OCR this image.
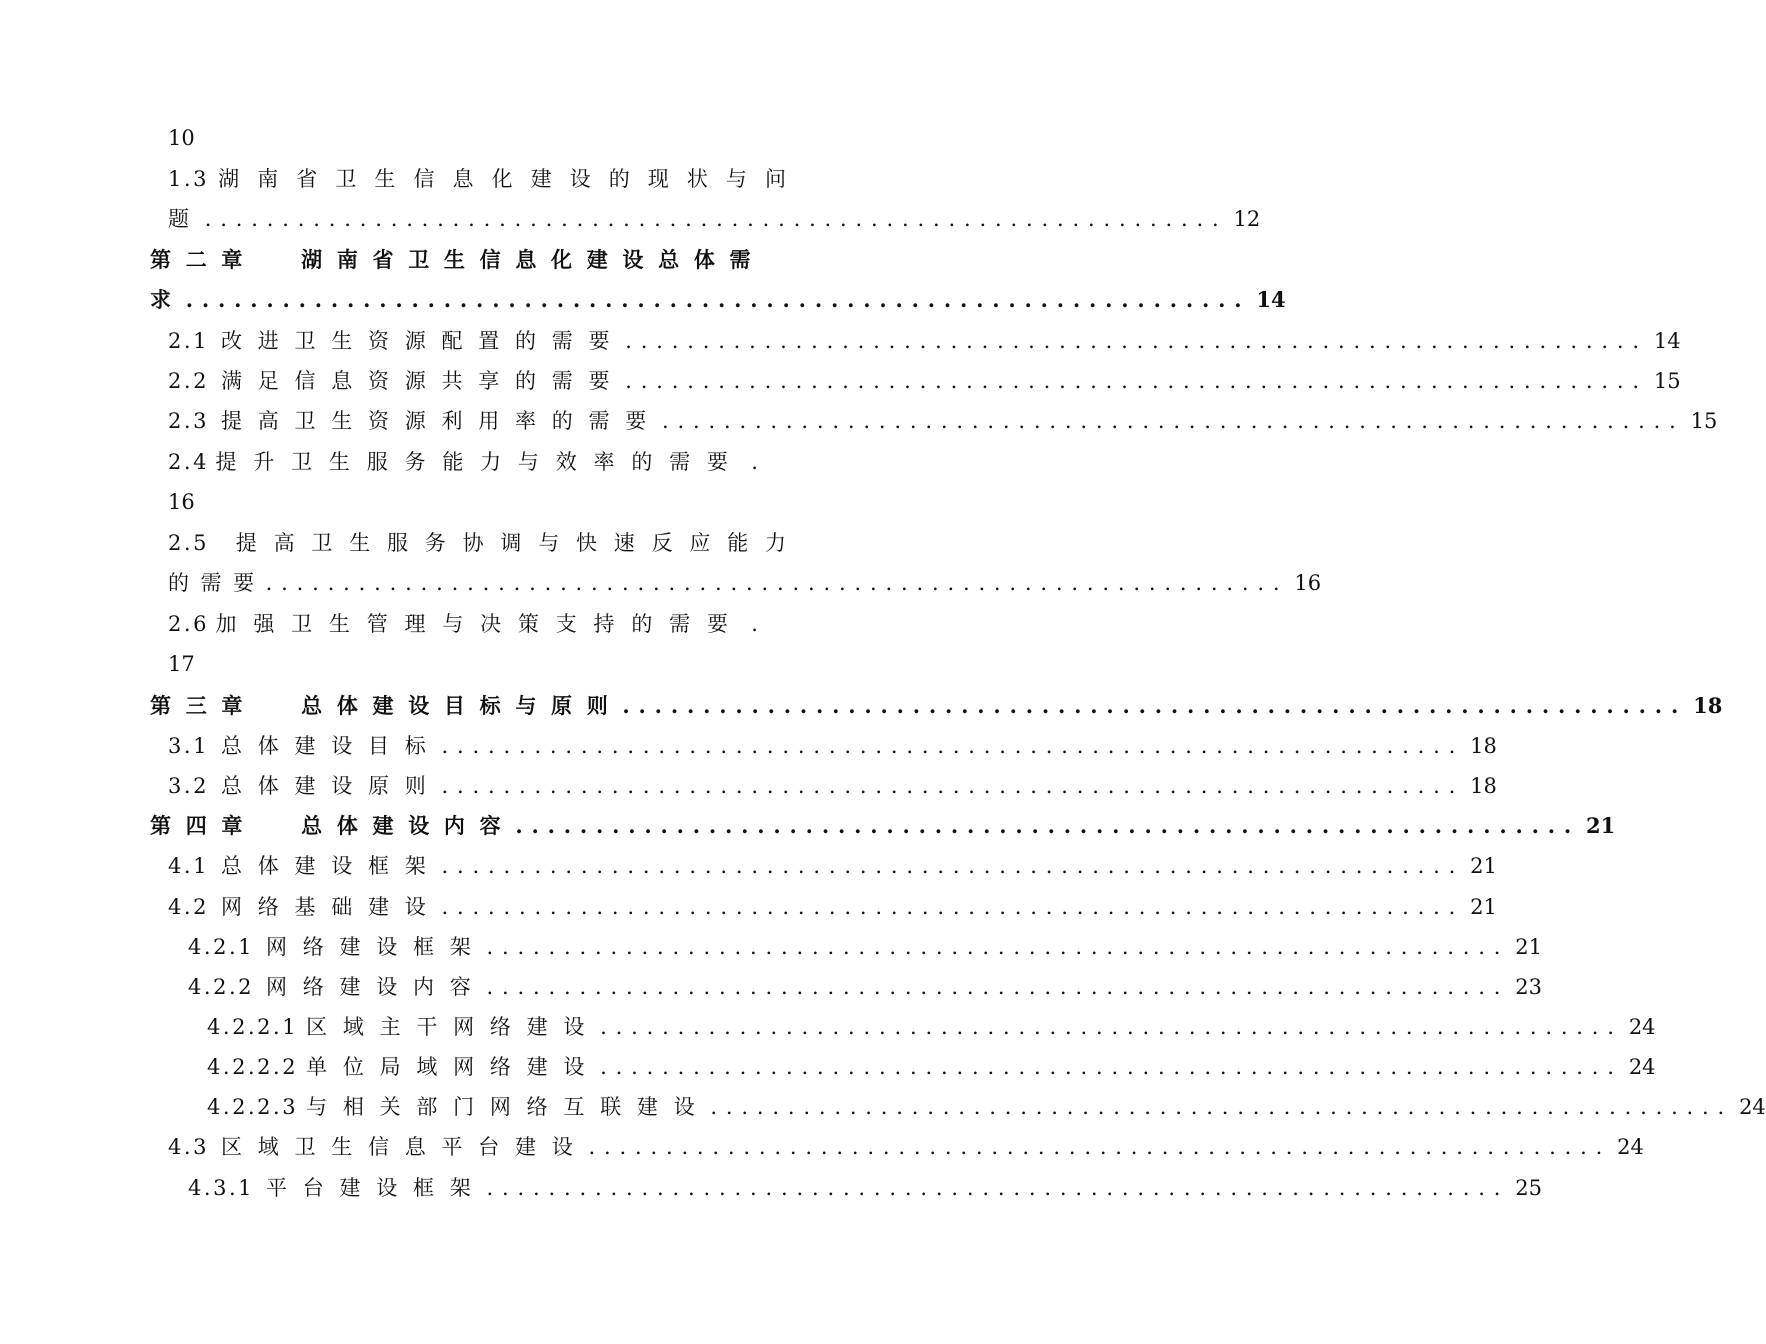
10
1.3 湖南省卫生信息化建设的现状与问
题 .................................................................. 12
第二章  湖南省卫生信息化建设总体需
求 .................................................................. 14
2.1 改进卫生资源配置的需要 .................................................................. 14
2.2 满足信息资源共享的需要 .................................................................. 15
2.3 提高卫生资源利用率的需要 .................................................................. 15
2.4 提升卫生服务能力与效率的需要 .
16
2.5 提高卫生服务协调与快速反应能力
的需要 .................................................................. 16
2.6 加强卫生管理与决策支持的需要 .
17
第三章  总体建设目标与原则 .................................................................. 18
3.1 总体建设目标 .................................................................. 18
3.2 总体建设原则 .................................................................. 18
第四章  总体建设内容 .................................................................. 21
4.1 总体建设框架 .................................................................. 21
4.2 网络基础建设 .................................................................. 21
4.2.1 网络建设框架 .................................................................. 21
4.2.2 网络建设内容 .................................................................. 23
4.2.2.1 区域主干网络建设 .................................................................. 24
4.2.2.2 单位局域网络建设 .................................................................. 24
4.2.2.3 与相关部门网络互联建设 .................................................................. 24
4.3 区域卫生信息平台建设 .................................................................. 24
4.3.1 平台建设框架 .................................................................. 25
